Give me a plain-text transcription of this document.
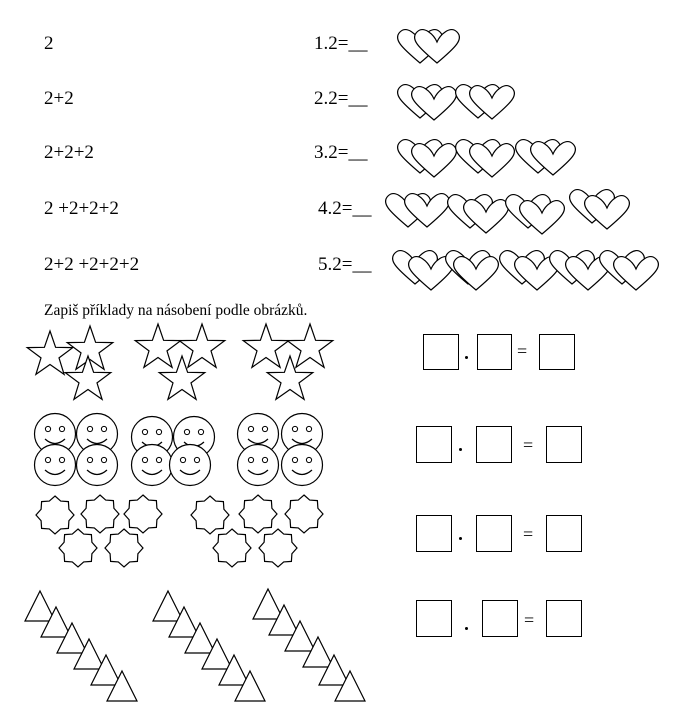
2
2+2
2+2+2
2 +2+2+2
2+2 +2+2+2
1.2=__
2.2=__
3.2=__
4.2=__
5.2=__
Zapiš příklady na násobení podle obrázků.
=
=
=
=
